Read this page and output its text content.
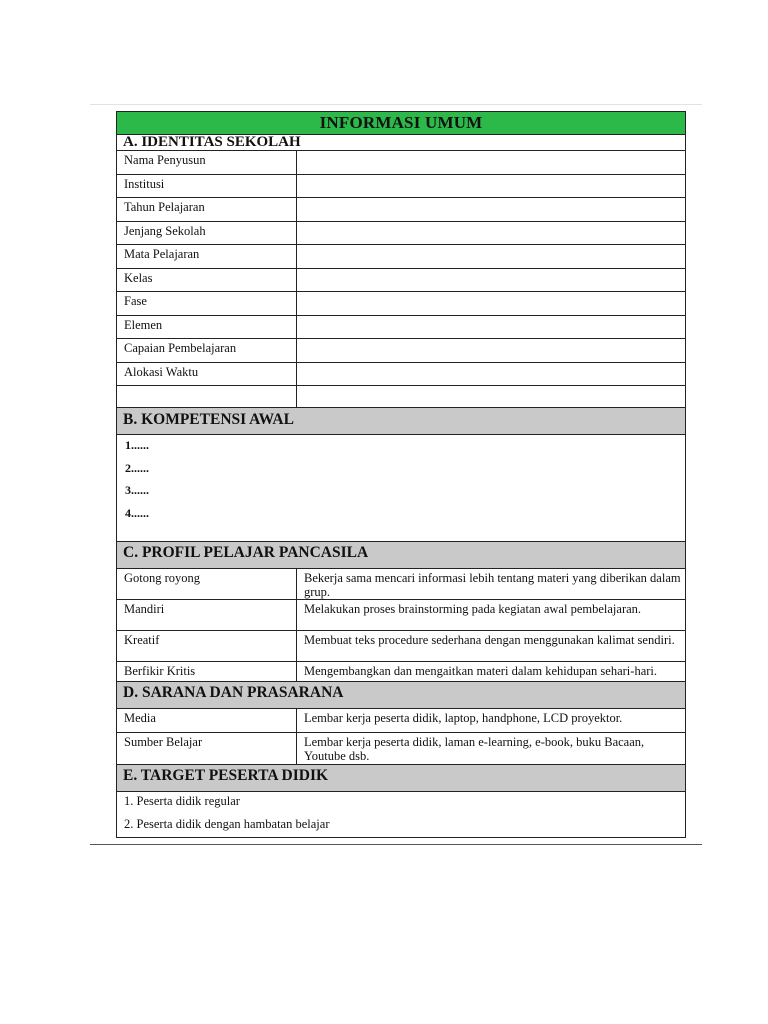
INFORMASI UMUM
A. IDENTITAS SEKOLAH
Nama Penyusun
Institusi
Tahun Pelajaran
Jenjang Sekolah
Mata Pelajaran
Kelas
Fase
Elemen
Capaian Pembelajaran
Alokasi Waktu
B. KOMPETENSI AWAL
1......
2......
3......
4......
C. PROFIL PELAJAR PANCASILA
Gotong royong	Bekerja sama mencari informasi lebih tentang materi yang diberikan dalam grup.
Mandiri	Melakukan proses brainstorming pada kegiatan awal pembelajaran.
Kreatif	Membuat teks procedure sederhana dengan menggunakan kalimat sendiri.
Berfikir Kritis	Mengembangkan dan mengaitkan materi dalam kehidupan sehari-hari.
D. SARANA DAN PRASARANA
Media	Lembar kerja peserta didik, laptop, handphone, LCD proyektor.
Sumber Belajar	Lembar kerja peserta didik, laman e-learning, e-book, buku Bacaan, Youtube dsb.
E. TARGET PESERTA DIDIK
1. Peserta didik regular
2. Peserta didik dengan hambatan belajar
